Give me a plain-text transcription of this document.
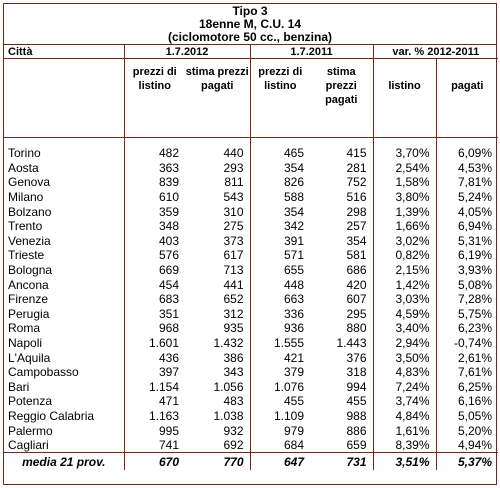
Tipo 3
18enne M, C.U. 14
(ciclomotore 50 cc., benzina)
Città	1.7.2012		1.7.2011		var. % 2012-2011	
	prezzi di listino	stima prezzi pagati	prezzi di listino	stima prezzi pagati	listino	pagati

Torino	482	440	465	415	3,70%	6,09%
Aosta	363	293	354	281	2,54%	4,53%
Genova	839	811	826	752	1,58%	7,81%
Milano	610	543	588	516	3,80%	5,24%
Bolzano	359	310	354	298	1,39%	4,05%
Trento	348	275	342	257	1,66%	6,94%
Venezia	403	373	391	354	3,02%	5,31%
Trieste	576	617	571	581	0,82%	6,19%
Bologna	669	713	655	686	2,15%	3,93%
Ancona	454	441	448	420	1,42%	5,08%
Firenze	683	652	663	607	3,03%	7,28%
Perugia	351	312	336	295	4,59%	5,75%
Roma	968	935	936	880	3,40%	6,23%
Napoli	1.601	1.432	1.555	1.443	2,94%	-0,74%
L'Aquila	436	386	421	376	3,50%	2,61%
Campobasso	397	343	379	318	4,83%	7,61%
Bari	1.154	1.056	1.076	994	7,24%	6,25%
Potenza	471	483	455	455	3,74%	6,16%
Reggio Calabria	1.163	1.038	1.109	988	4,84%	5,05%
Palermo	995	932	979	886	1,61%	5,20%
Cagliari	741	692	684	659	8,39%	4,94%
media 21 prov.	670	770	647	731	3,51%	5,37%
